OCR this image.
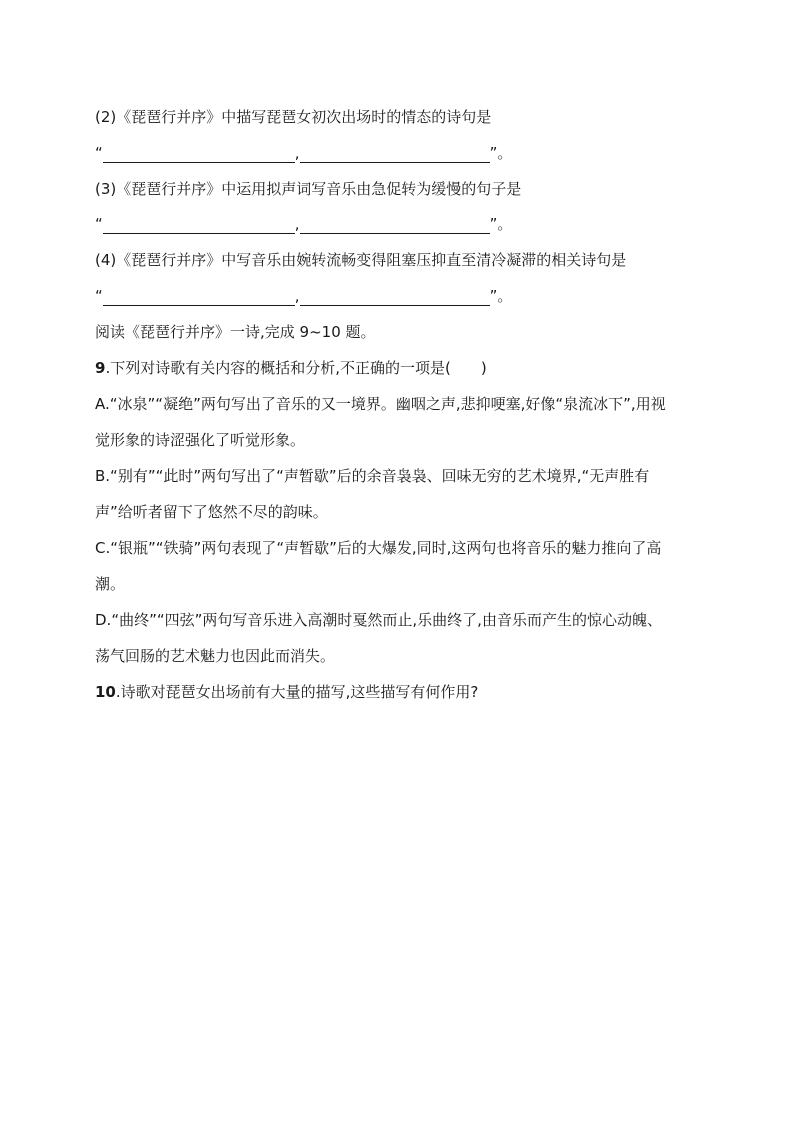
(2)《琵琶行并序》中描写琵琶女初次出场时的情态的诗句是
“	,	”。
(3)《琵琶行并序》中运用拟声词写音乐由急促转为缓慢的句子是
“	,	”。
(4)《琵琶行并序》中写音乐由婉转流畅变得阻塞压抑直至清冷凝滞的相关诗句是
“	,	”。
阅读《琵琶行并序》一诗,完成 9~10 题。
9.下列对诗歌有关内容的概括和分析,不正确的一项是(　　)
A.“冰泉”“凝绝”两句写出了音乐的又一境界。幽咽之声,悲抑哽塞,好像“泉流冰下”,用视
觉形象的诗涩强化了听觉形象。
B.“别有”“此时”两句写出了“声暂歇”后的余音袅袅、回味无穷的艺术境界,“无声胜有
声”给听者留下了悠然不尽的韵味。
C.“银瓶”“铁骑”两句表现了“声暂歇”后的大爆发,同时,这两句也将音乐的魅力推向了高
潮。
D.“曲终”“四弦”两句写音乐进入高潮时戛然而止,乐曲终了,由音乐而产生的惊心动魄、
荡气回肠的艺术魅力也因此而消失。
10.诗歌对琵琶女出场前有大量的描写,这些描写有何作用?
